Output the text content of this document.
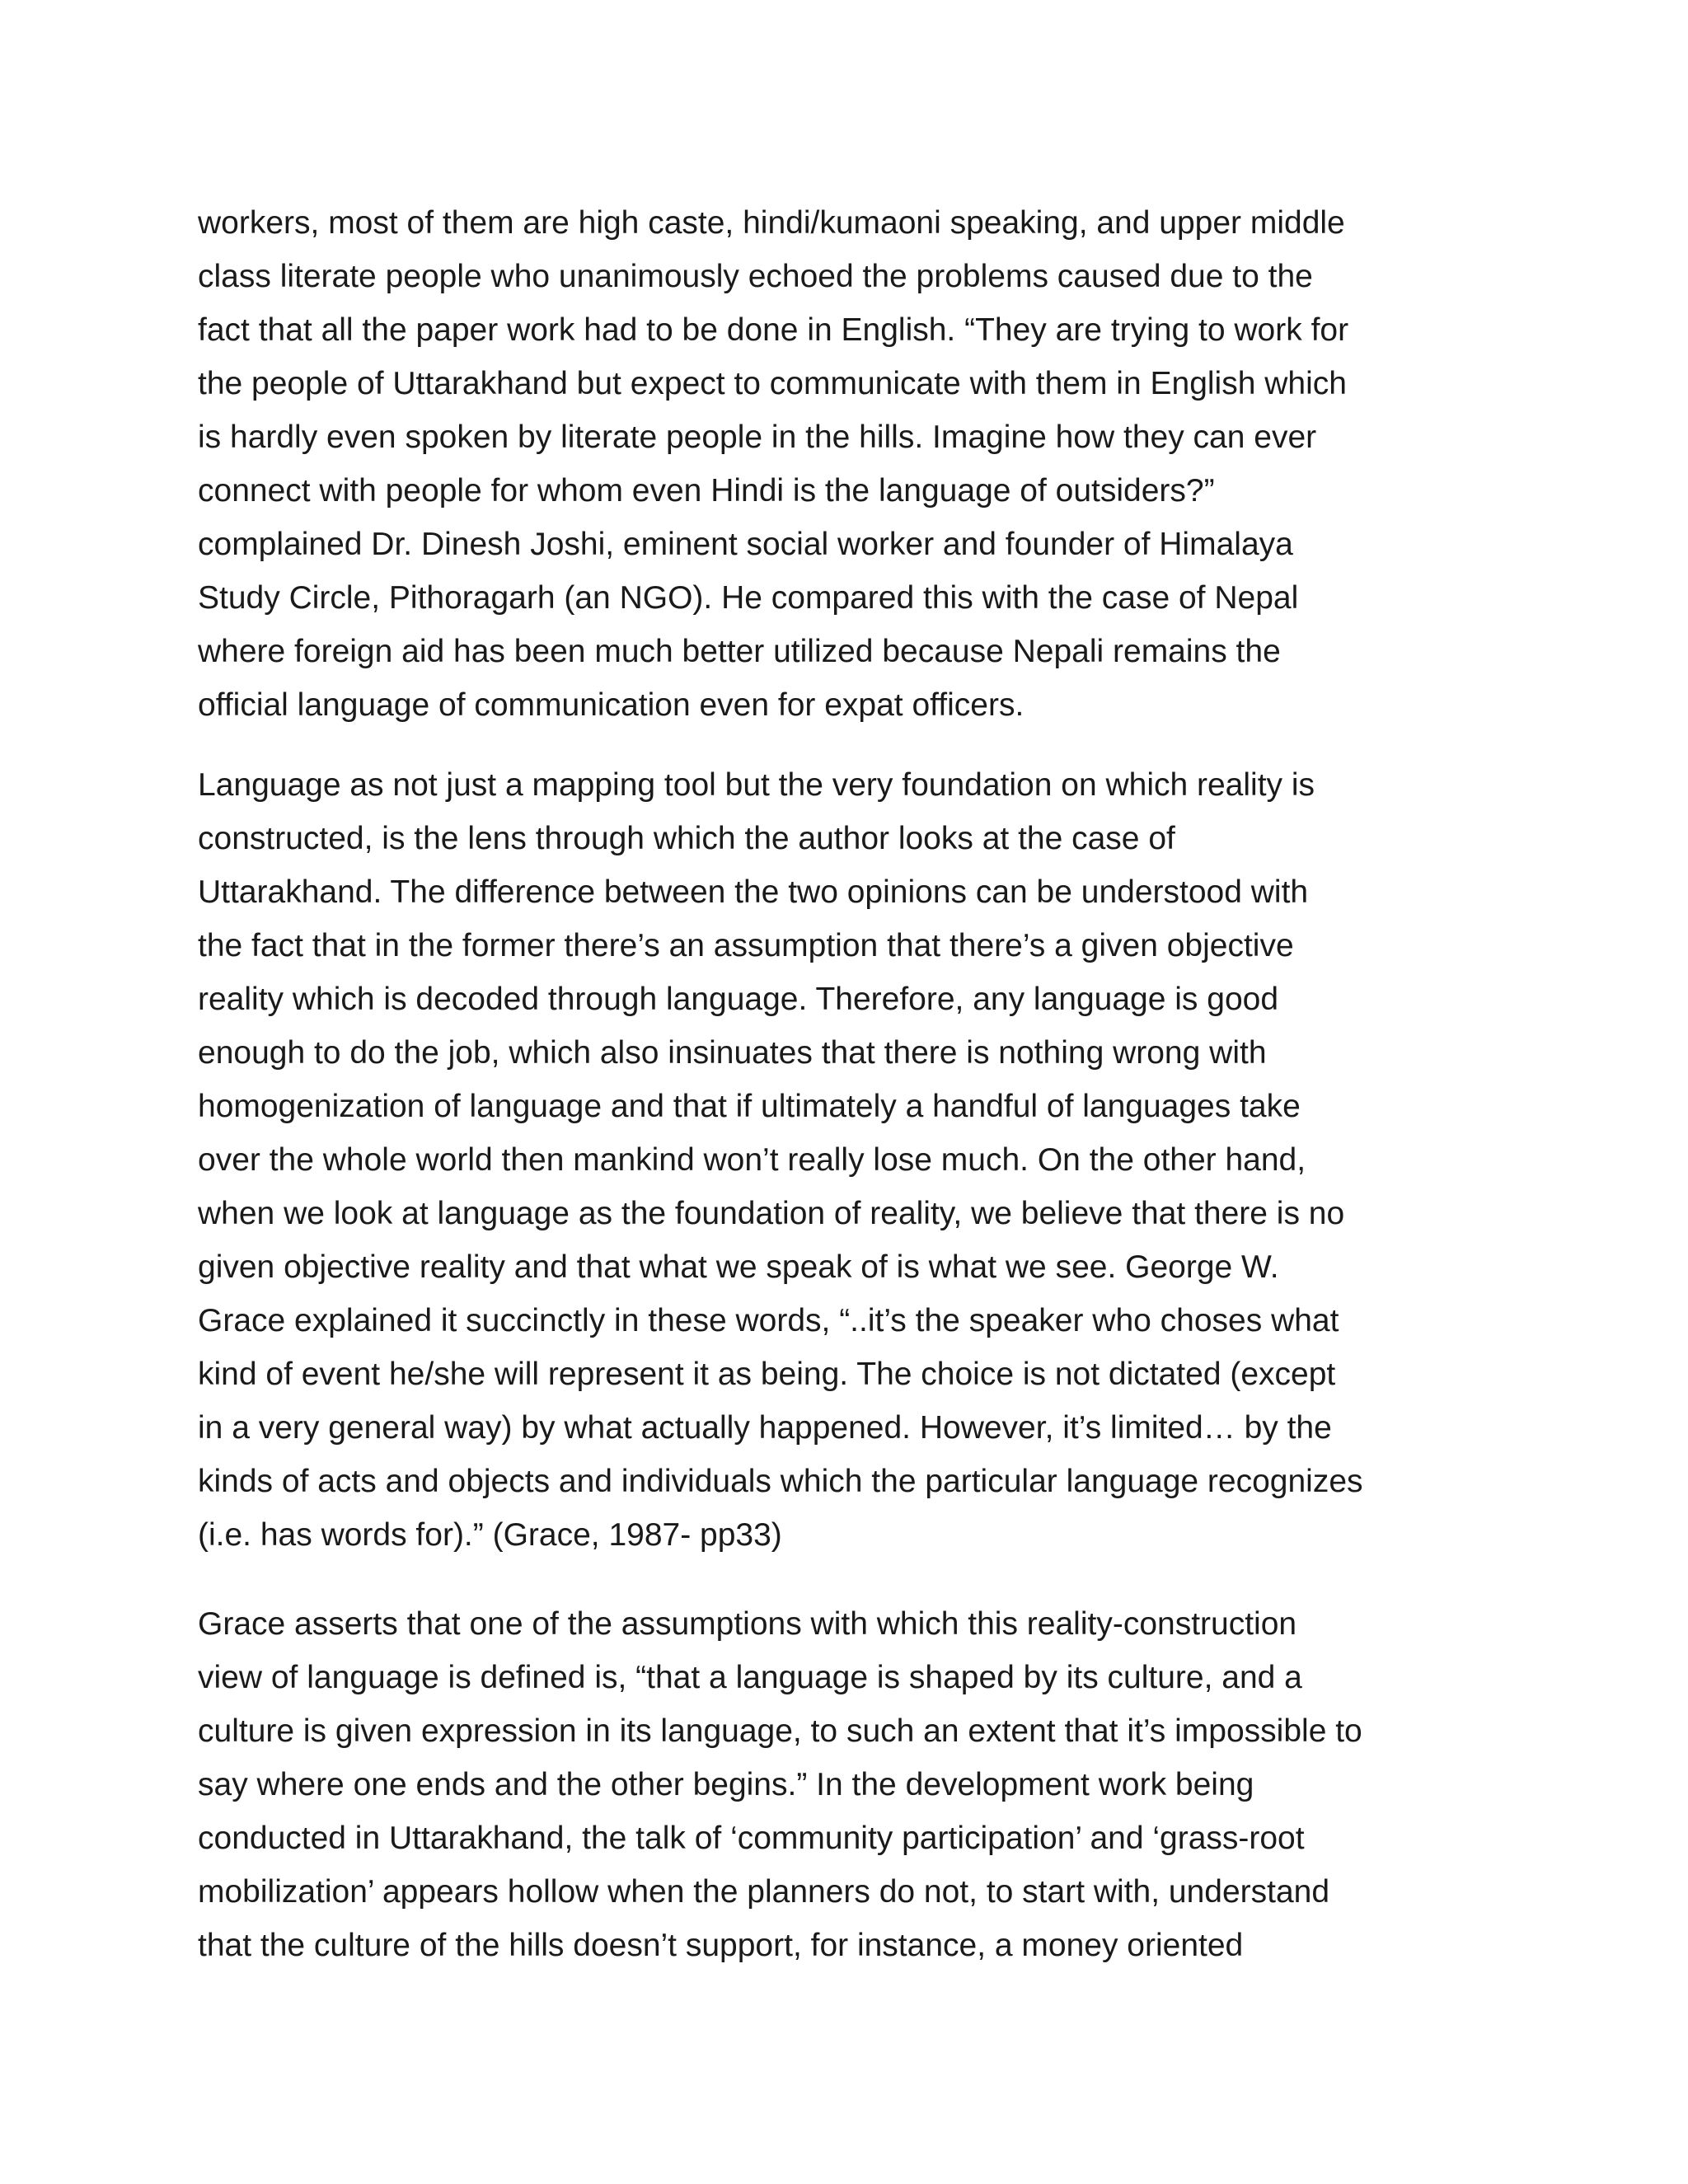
workers, most of them are high caste, hindi/kumaoni speaking, and upper middle
class literate people who unanimously echoed the problems caused due to the
fact that all the paper work had to be done in English. “They are trying to work for
the people of Uttarakhand but expect to communicate with them in English which
is hardly even spoken by literate people in the hills. Imagine how they can ever
connect with people for whom even Hindi is the language of outsiders?”
complained Dr. Dinesh Joshi, eminent social worker and founder of Himalaya
Study Circle, Pithoragarh (an NGO). He compared this with the case of Nepal
where foreign aid has been much better utilized because Nepali remains the
official language of communication even for expat officers.
Language as not just a mapping tool but the very foundation on which reality is
constructed, is the lens through which the author looks at the case of
Uttarakhand. The difference between the two opinions can be understood with
the fact that in the former there’s an assumption that there’s a given objective
reality which is decoded through language. Therefore, any language is good
enough to do the job, which also insinuates that there is nothing wrong with
homogenization of language and that if ultimately a handful of languages take
over the whole world then mankind won’t really lose much. On the other hand,
when we look at language as the foundation of reality, we believe that there is no
given objective reality and that what we speak of is what we see. George W.
Grace explained it succinctly in these words, “..it’s the speaker who choses what
kind of event he/she will represent it as being. The choice is not dictated (except
in a very general way) by what actually happened. However, it’s limited… by the
kinds of acts and objects and individuals which the particular language recognizes
(i.e. has words for).” (Grace, 1987- pp33)
Grace asserts that one of the assumptions with which this reality-construction
view of language is defined is, “that a language is shaped by its culture, and a
culture is given expression in its language, to such an extent that it’s impossible to
say where one ends and the other begins.” In the development work being
conducted in Uttarakhand, the talk of ‘community participation’ and ‘grass-root
mobilization’ appears hollow when the planners do not, to start with, understand
that the culture of the hills doesn’t support, for instance, a money oriented
